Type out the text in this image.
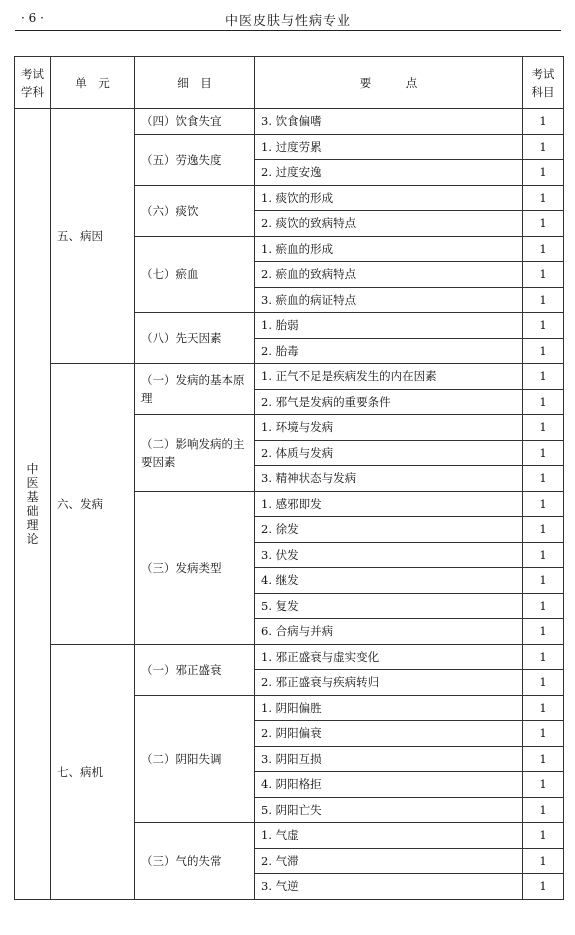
· 6 ·	中医皮肤与性病专业
考试学科	单　元	细　目	要　　　点	考试科目
中医基础理论	五、病因	（四）饮食失宜	3. 饮食偏嗜	1
		（五）劳逸失度	1. 过度劳累	1
			2. 过度安逸	1
		（六）痰饮	1. 痰饮的形成	1
			2. 痰饮的致病特点	1
		（七）瘀血	1. 瘀血的形成	1
			2. 瘀血的致病特点	1
			3. 瘀血的病证特点	1
		（八）先天因素	1. 胎弱	1
			2. 胎毒	1
	六、发病	（一）发病的基本原理	1. 正气不足是疾病发生的内在因素	1
			2. 邪气是发病的重要条件	1
		（二）影响发病的主要因素	1. 环境与发病	1
			2. 体质与发病	1
			3. 精神状态与发病	1
		（三）发病类型	1. 感邪即发	1
			2. 徐发	1
			3. 伏发	1
			4. 继发	1
			5. 复发	1
			6. 合病与并病	1
	七、病机	（一）邪正盛衰	1. 邪正盛衰与虚实变化	1
			2. 邪正盛衰与疾病转归	1
		（二）阴阳失调	1. 阴阳偏胜	1
			2. 阴阳偏衰	1
			3. 阴阳互损	1
			4. 阴阳格拒	1
			5. 阴阳亡失	1
		（三）气的失常	1. 气虚	1
			2. 气滞	1
			3. 气逆	1
